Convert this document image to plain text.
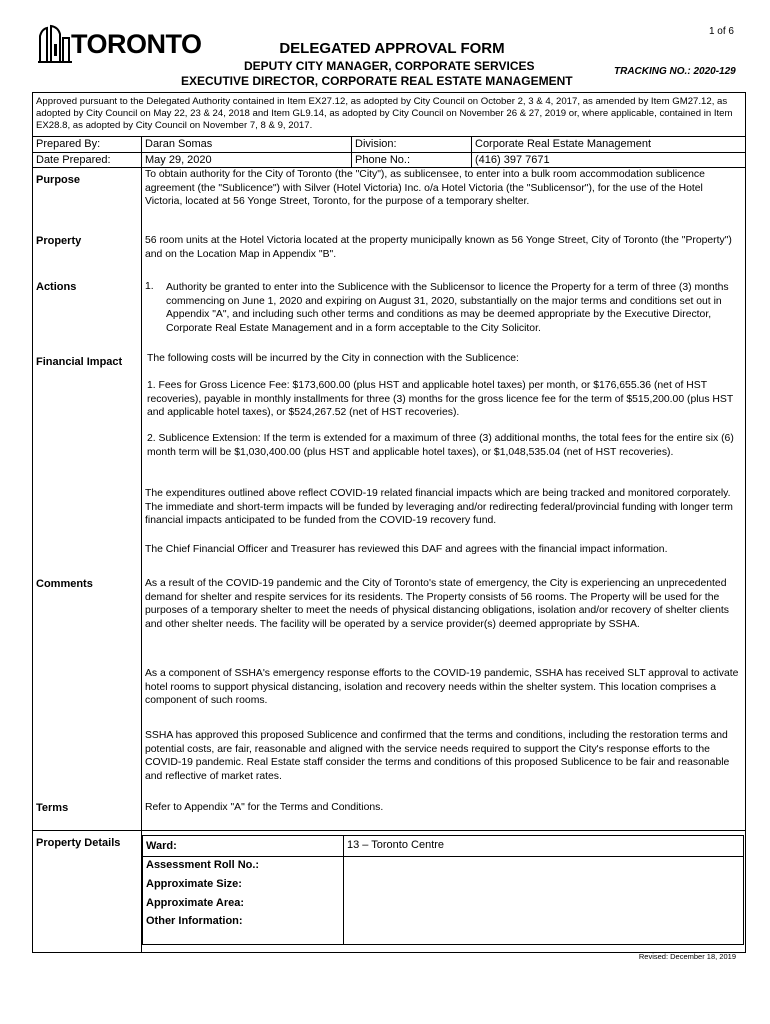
1 of 6
TORONTO	DELEGATED APPROVAL FORM
DEPUTY CITY MANAGER, CORPORATE SERVICES
EXECUTIVE DIRECTOR, CORPORATE REAL ESTATE MANAGEMENT
TRACKING NO.: 2020-129
Approved pursuant to the Delegated Authority contained in Item EX27.12, as adopted by City Council on October 2, 3 & 4, 2017, as amended by Item GM27.12, as adopted by City Council on May 22, 23 & 24, 2018 and Item GL9.14, as adopted by City Council on November 26 & 27, 2019 or, where applicable, contained in Item EX28.8, as adopted by City Council on November 7, 8 & 9, 2017.
Prepared By:	Daran Somas	Division:	Corporate Real Estate Management
Date Prepared:	May 29, 2020	Phone No.:	(416) 397 7671
Purpose	To obtain authority for the City of Toronto (the "City"), as sublicensee, to enter into a bulk room accommodation sublicence agreement (the "Sublicence") with Silver (Hotel Victoria) Inc. o/a Hotel Victoria (the "Sublicensor"), for the use of the Hotel Victoria, located at 56 Yonge Street, Toronto, for the purpose of a temporary shelter.
Property	56 room units at the Hotel Victoria located at the property municipally known as 56 Yonge Street, City of Toronto (the "Property") and on the Location Map in Appendix "B".
Actions	1. Authority be granted to enter into the Sublicence with the Sublicensor to licence the Property for a term of three (3) months commencing on June 1, 2020 and expiring on August 31, 2020, substantially on the major terms and conditions set out in Appendix "A", and including such other terms and conditions as may be deemed appropriate by the Executive Director, Corporate Real Estate Management and in a form acceptable to the City Solicitor.
Financial Impact The following costs will be incurred by the City in connection with the Sublicence:
1. Fees for Gross Licence Fee: $173,600.00 (plus HST and applicable hotel taxes) per month, or $176,655.36 (net of HST recoveries), payable in monthly installments for three (3) months for the gross licence fee for the term of $515,200.00 (plus HST and applicable hotel taxes), or $524,267.52 (net of HST recoveries).
2. Sublicence Extension: If the term is extended for a maximum of three (3) additional months, the total fees for the entire six (6) month term will be $1,030,400.00 (plus HST and applicable hotel taxes), or $1,048,535.04 (net of HST recoveries).
The expenditures outlined above reflect COVID-19 related financial impacts which are being tracked and monitored corporately. The immediate and short-term impacts will be funded by leveraging and/or redirecting federal/provincial funding with longer term financial impacts anticipated to be funded from the COVID-19 recovery fund.
The Chief Financial Officer and Treasurer has reviewed this DAF and agrees with the financial impact information.
Comments	As a result of the COVID-19 pandemic and the City of Toronto's state of emergency, the City is experiencing an unprecedented demand for shelter and respite services for its residents. The Property consists of 56 rooms. The Property will be used for the purposes of a temporary shelter to meet the needs of physical distancing obligations, isolation and/or recovery of shelter clients and other shelter needs. The facility will be operated by a service provider(s) deemed appropriate by SSHA.
As a component of SSHA's emergency response efforts to the COVID-19 pandemic, SSHA has received SLT approval to activate hotel rooms to support physical distancing, isolation and recovery needs within the shelter system. This location comprises a component of such rooms.
SSHA has approved this proposed Sublicence and confirmed that the terms and conditions, including the restoration terms and potential costs, are fair, reasonable and aligned with the service needs required to support the City's response efforts to the COVID-19 pandemic. Real Estate staff consider the terms and conditions of this proposed Sublicence to be fair and reasonable and reflective of market rates.
Terms	Refer to Appendix "A" for the Terms and Conditions.
Property Details Ward:	13 – Toronto Centre
Assessment Roll No.:
Approximate Size:
Approximate Area:
Other Information:
Revised: December 18, 2019
